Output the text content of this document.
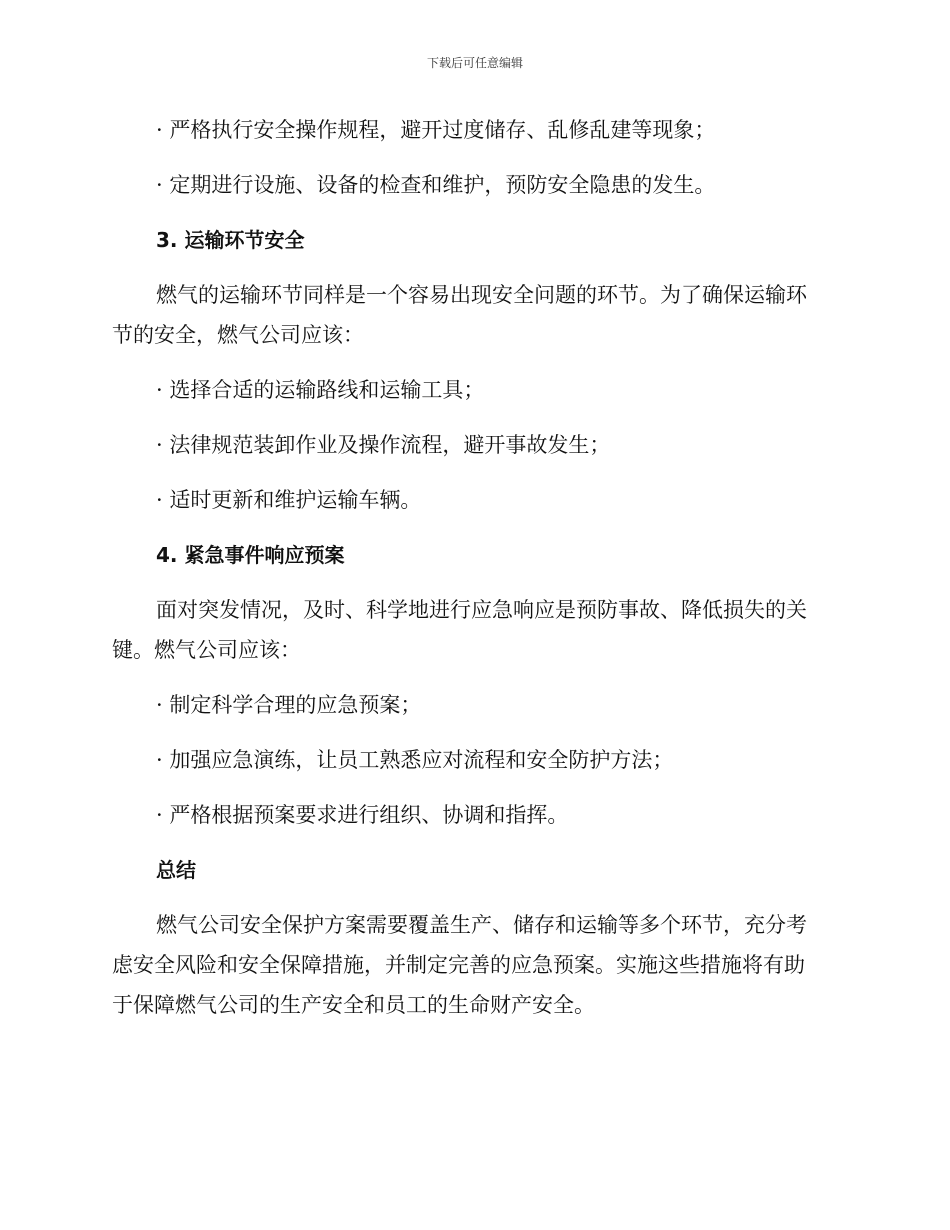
下载后可任意编辑

· 严格执行安全操作规程，避开过度储存、乱修乱建等现象；

· 定期进行设施、设备的检查和维护，预防安全隐患的发生。

3. 运输环节安全

燃气的运输环节同样是一个容易出现安全问题的环节。为了确保运输环
节的安全，燃气公司应该：

· 选择合适的运输路线和运输工具；

· 法律规范装卸作业及操作流程，避开事故发生；

· 适时更新和维护运输车辆。

4. 紧急事件响应预案

面对突发情况，及时、科学地进行应急响应是预防事故、降低损失的关
键。燃气公司应该：

· 制定科学合理的应急预案；

· 加强应急演练，让员工熟悉应对流程和安全防护方法；

· 严格根据预案要求进行组织、协调和指挥。

总结

燃气公司安全保护方案需要覆盖生产、储存和运输等多个环节，充分考
虑安全风险和安全保障措施，并制定完善的应急预案。实施这些措施将有助
于保障燃气公司的生产安全和员工的生命财产安全。
